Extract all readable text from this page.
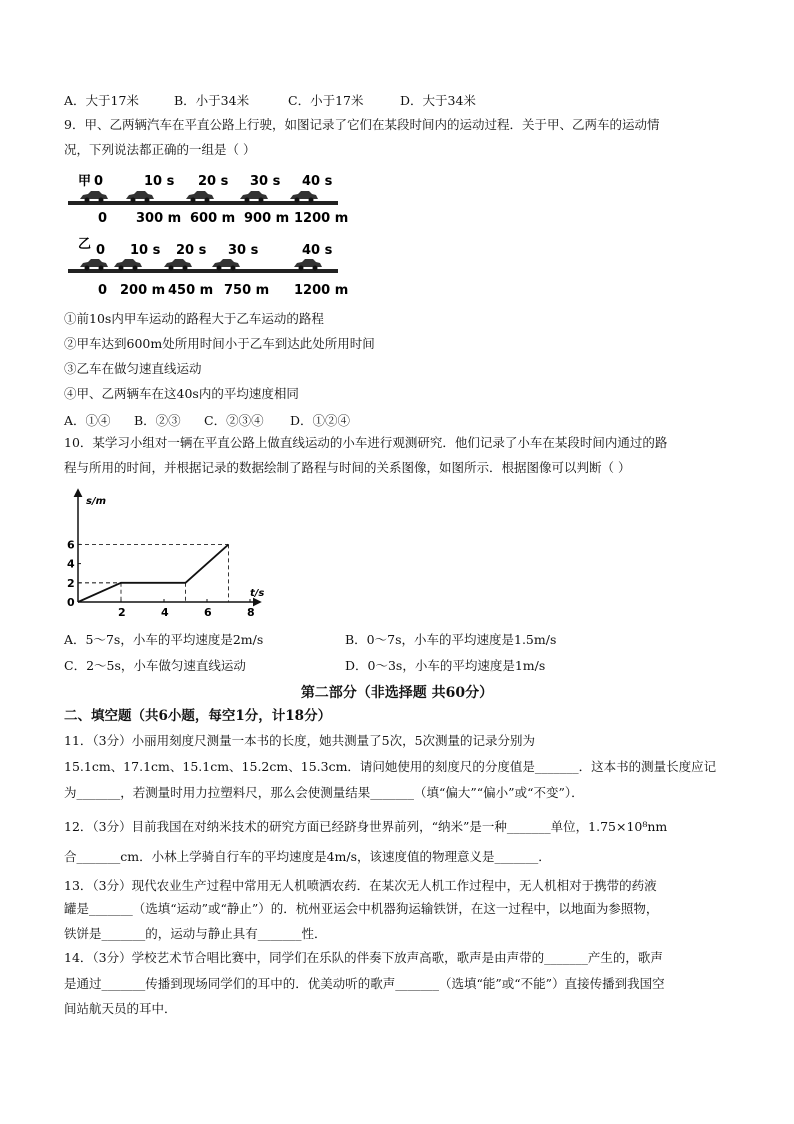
A．大于17米	B．小于34米	C．小于17米	D．大于34米
9．甲、乙两辆汽车在平直公路上行驶，如图记录了它们在某段时间内的运动过程．关于甲、乙两车的运动情
况，下列说法都正确的一组是（ ）
甲 0	10 s 20 s 30 s 40 s
0 300 m 600 m 900 m 1200 m
乙 0 10 s 20 s 30 s	40 s
0 200 m 450 m 750 m 1200 m
①前10s内甲车运动的路程大于乙车运动的路程
②甲车达到600m处所用时间小于乙车到达此处所用时间
③乙车在做匀速直线运动
④甲、乙两辆车在这40s内的平均速度相同
A．①④ B．②③ C．②③④ D．①②④
10．某学习小组对一辆在平直公路上做直线运动的小车进行观测研究．他们记录了小车在某段时间内通过的路
程与所用的时间，并根据记录的数据绘制了路程与时间的关系图像，如图所示．根据图像可以判断（ ）
s/m
t/s
2	4	6	8
0
2
4
6
A．5～7s，小车的平均速度是2m/s	B．0～7s，小车的平均速度是1.5m/s
C．2～5s，小车做匀速直线运动	D．0～3s，小车的平均速度是1m/s
第二部分（非选择题 共60分）
二、填空题（共6小题，每空1分，计18分）
11．（3分）小丽用刻度尺测量一本书的长度，她共测量了5次，5次测量的记录分别为
15.1cm、17.1cm、15.1cm、15.2cm、15.3cm．请问她使用的刻度尺的分度值是_______．这本书的测量长度应记
为_______，若测量时用力拉塑料尺，那么会使测量结果_______（填“偏大”“偏小”或“不变”）．
12．（3分）目前我国在对纳米技术的研究方面已经跻身世界前列，“纳米”是一种_______单位，1.75×10⁸nm
合_______cm．小林上学骑自行车的平均速度是4m/s，该速度值的物理意义是_______．
13．（3分）现代农业生产过程中常用无人机喷洒农药．在某次无人机工作过程中，无人机相对于携带的药液
罐是_______（选填“运动”或“静止”）的．杭州亚运会中机器狗运输铁饼，在这一过程中，以地面为参照物，
铁饼是_______的，运动与静止具有_______性．
14．（3分）学校艺术节合唱比赛中，同学们在乐队的伴奏下放声高歌，歌声是由声带的_______产生的，歌声
是通过_______传播到现场同学们的耳中的．优美动听的歌声_______（选填“能”或“不能”）直接传播到我国空
间站航天员的耳中．
